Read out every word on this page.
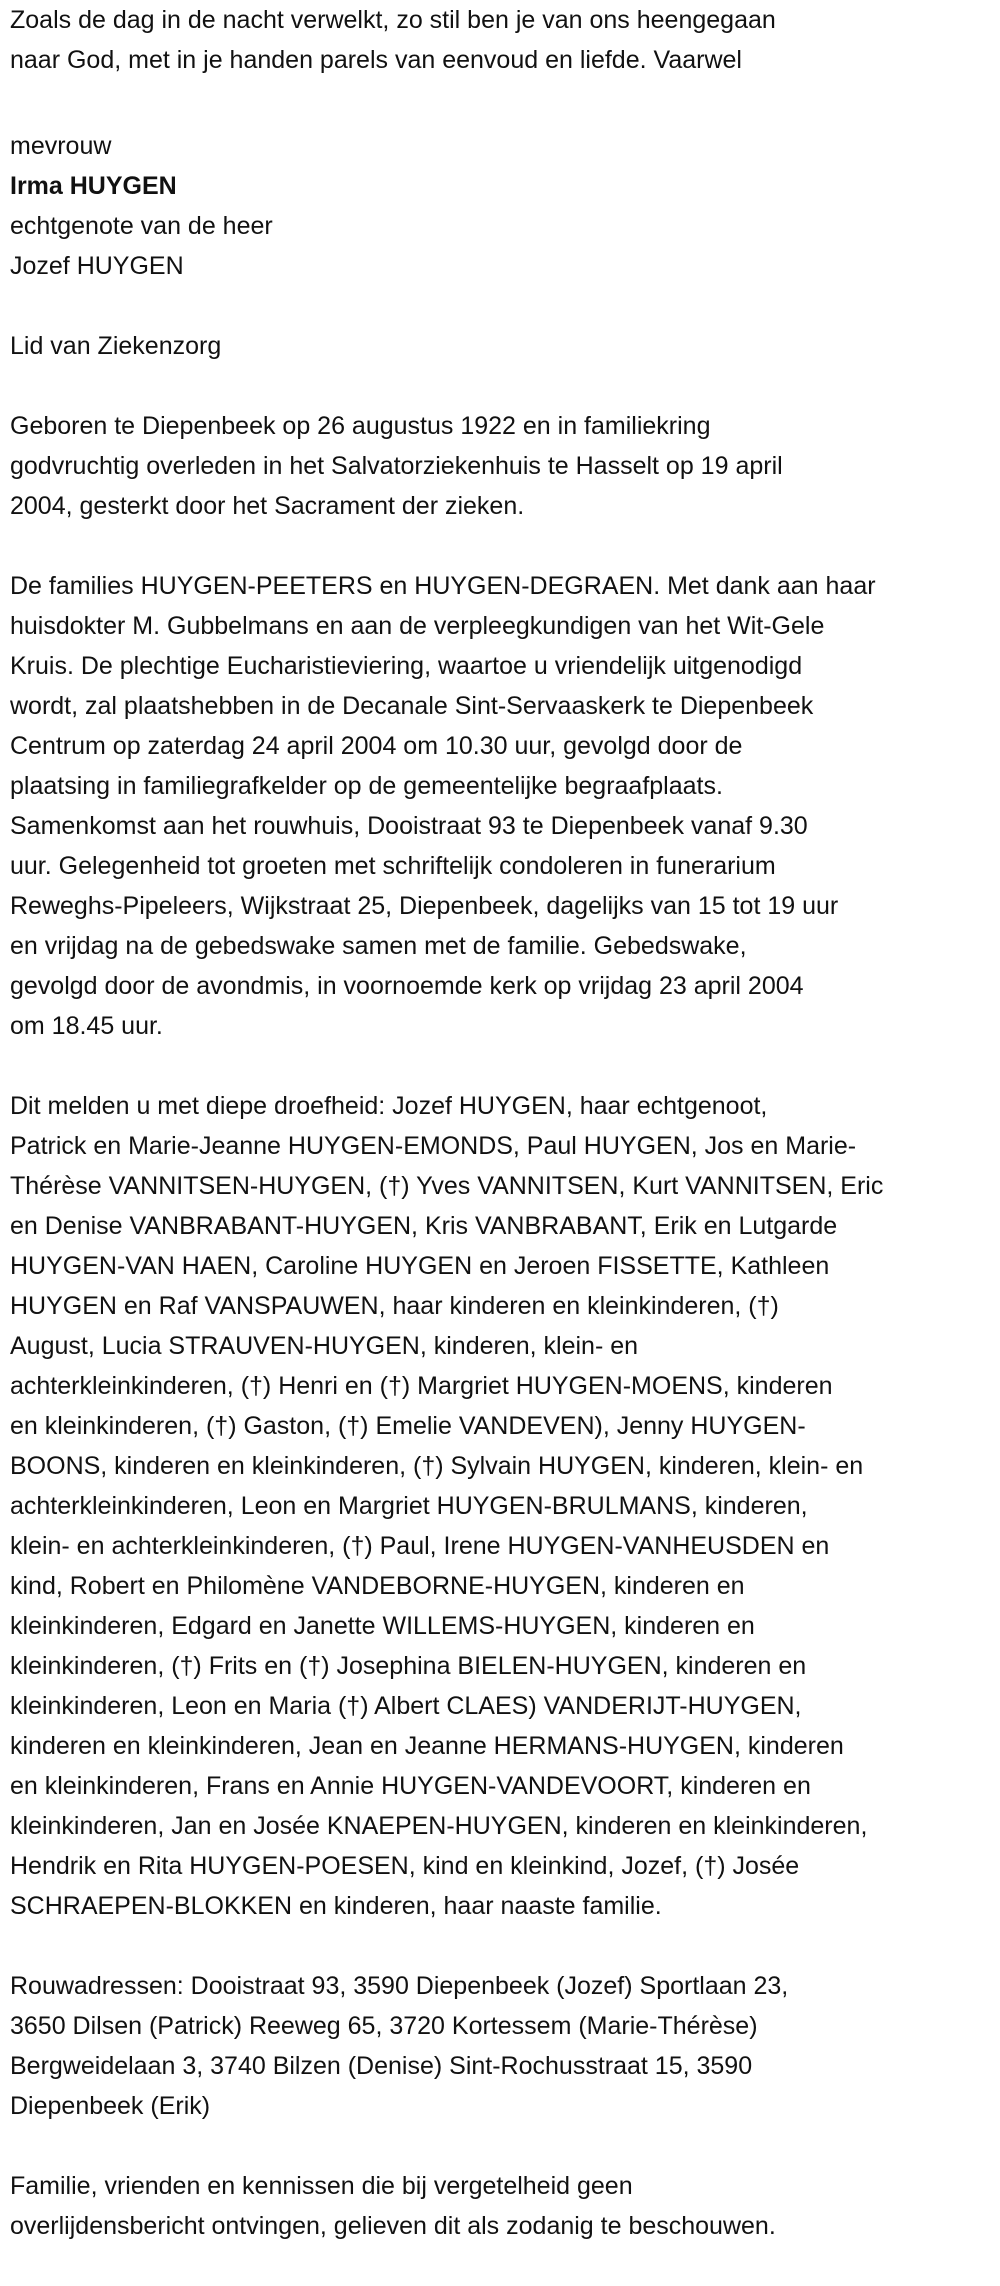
Zoals de dag in de nacht verwelkt, zo stil ben je van ons heengegaan
naar God, met in je handen parels van eenvoud en liefde. Vaarwel
mevrouw
Irma HUYGEN
echtgenote van de heer
Jozef HUYGEN
Lid van Ziekenzorg
Geboren te Diepenbeek op 26 augustus 1922 en in familiekring
godvruchtig overleden in het Salvatorziekenhuis te Hasselt op 19 april
2004, gesterkt door het Sacrament der zieken.
De families HUYGEN-PEETERS en HUYGEN-DEGRAEN. Met dank aan haar
huisdokter M. Gubbelmans en aan de verpleegkundigen van het Wit-Gele
Kruis. De plechtige Eucharistieviering, waartoe u vriendelijk uitgenodigd
wordt, zal plaatshebben in de Decanale Sint-Servaaskerk te Diepenbeek
Centrum op zaterdag 24 april 2004 om 10.30 uur, gevolgd door de
plaatsing in familiegrafkelder op de gemeentelijke begraafplaats.
Samenkomst aan het rouwhuis, Dooistraat 93 te Diepenbeek vanaf 9.30
uur. Gelegenheid tot groeten met schriftelijk condoleren in funerarium
Reweghs-Pipeleers, Wijkstraat 25, Diepenbeek, dagelijks van 15 tot 19 uur
en vrijdag na de gebedswake samen met de familie. Gebedswake,
gevolgd door de avondmis, in voornoemde kerk op vrijdag 23 april 2004
om 18.45 uur.
Dit melden u met diepe droefheid: Jozef HUYGEN, haar echtgenoot,
Patrick en Marie-Jeanne HUYGEN-EMONDS, Paul HUYGEN, Jos en Marie-
Thérèse VANNITSEN-HUYGEN, (†) Yves VANNITSEN, Kurt VANNITSEN, Eric
en Denise VANBRABANT-HUYGEN, Kris VANBRABANT, Erik en Lutgarde
HUYGEN-VAN HAEN, Caroline HUYGEN en Jeroen FISSETTE, Kathleen
HUYGEN en Raf VANSPAUWEN, haar kinderen en kleinkinderen, (†)
August, Lucia STRAUVEN-HUYGEN, kinderen, klein- en
achterkleinkinderen, (†) Henri en (†) Margriet HUYGEN-MOENS, kinderen
en kleinkinderen, (†) Gaston, (†) Emelie VANDEVEN), Jenny HUYGEN-
BOONS, kinderen en kleinkinderen, (†) Sylvain HUYGEN, kinderen, klein- en
achterkleinkinderen, Leon en Margriet HUYGEN-BRULMANS, kinderen,
klein- en achterkleinkinderen, (†) Paul, Irene HUYGEN-VANHEUSDEN en
kind, Robert en Philomène VANDEBORNE-HUYGEN, kinderen en
kleinkinderen, Edgard en Janette WILLEMS-HUYGEN, kinderen en
kleinkinderen, (†) Frits en (†) Josephina BIELEN-HUYGEN, kinderen en
kleinkinderen, Leon en Maria (†) Albert CLAES) VANDERIJT-HUYGEN,
kinderen en kleinkinderen, Jean en Jeanne HERMANS-HUYGEN, kinderen
en kleinkinderen, Frans en Annie HUYGEN-VANDEVOORT, kinderen en
kleinkinderen, Jan en Josée KNAEPEN-HUYGEN, kinderen en kleinkinderen,
Hendrik en Rita HUYGEN-POESEN, kind en kleinkind, Jozef, (†) Josée
SCHRAEPEN-BLOKKEN en kinderen, haar naaste familie.
Rouwadressen: Dooistraat 93, 3590 Diepenbeek (Jozef) Sportlaan 23,
3650 Dilsen (Patrick) Reeweg 65, 3720 Kortessem (Marie-Thérèse)
Bergweidelaan 3, 3740 Bilzen (Denise) Sint-Rochusstraat 15, 3590
Diepenbeek (Erik)
Familie, vrienden en kennissen die bij vergetelheid geen
overlijdensbericht ontvingen, gelieven dit als zodanig te beschouwen.
